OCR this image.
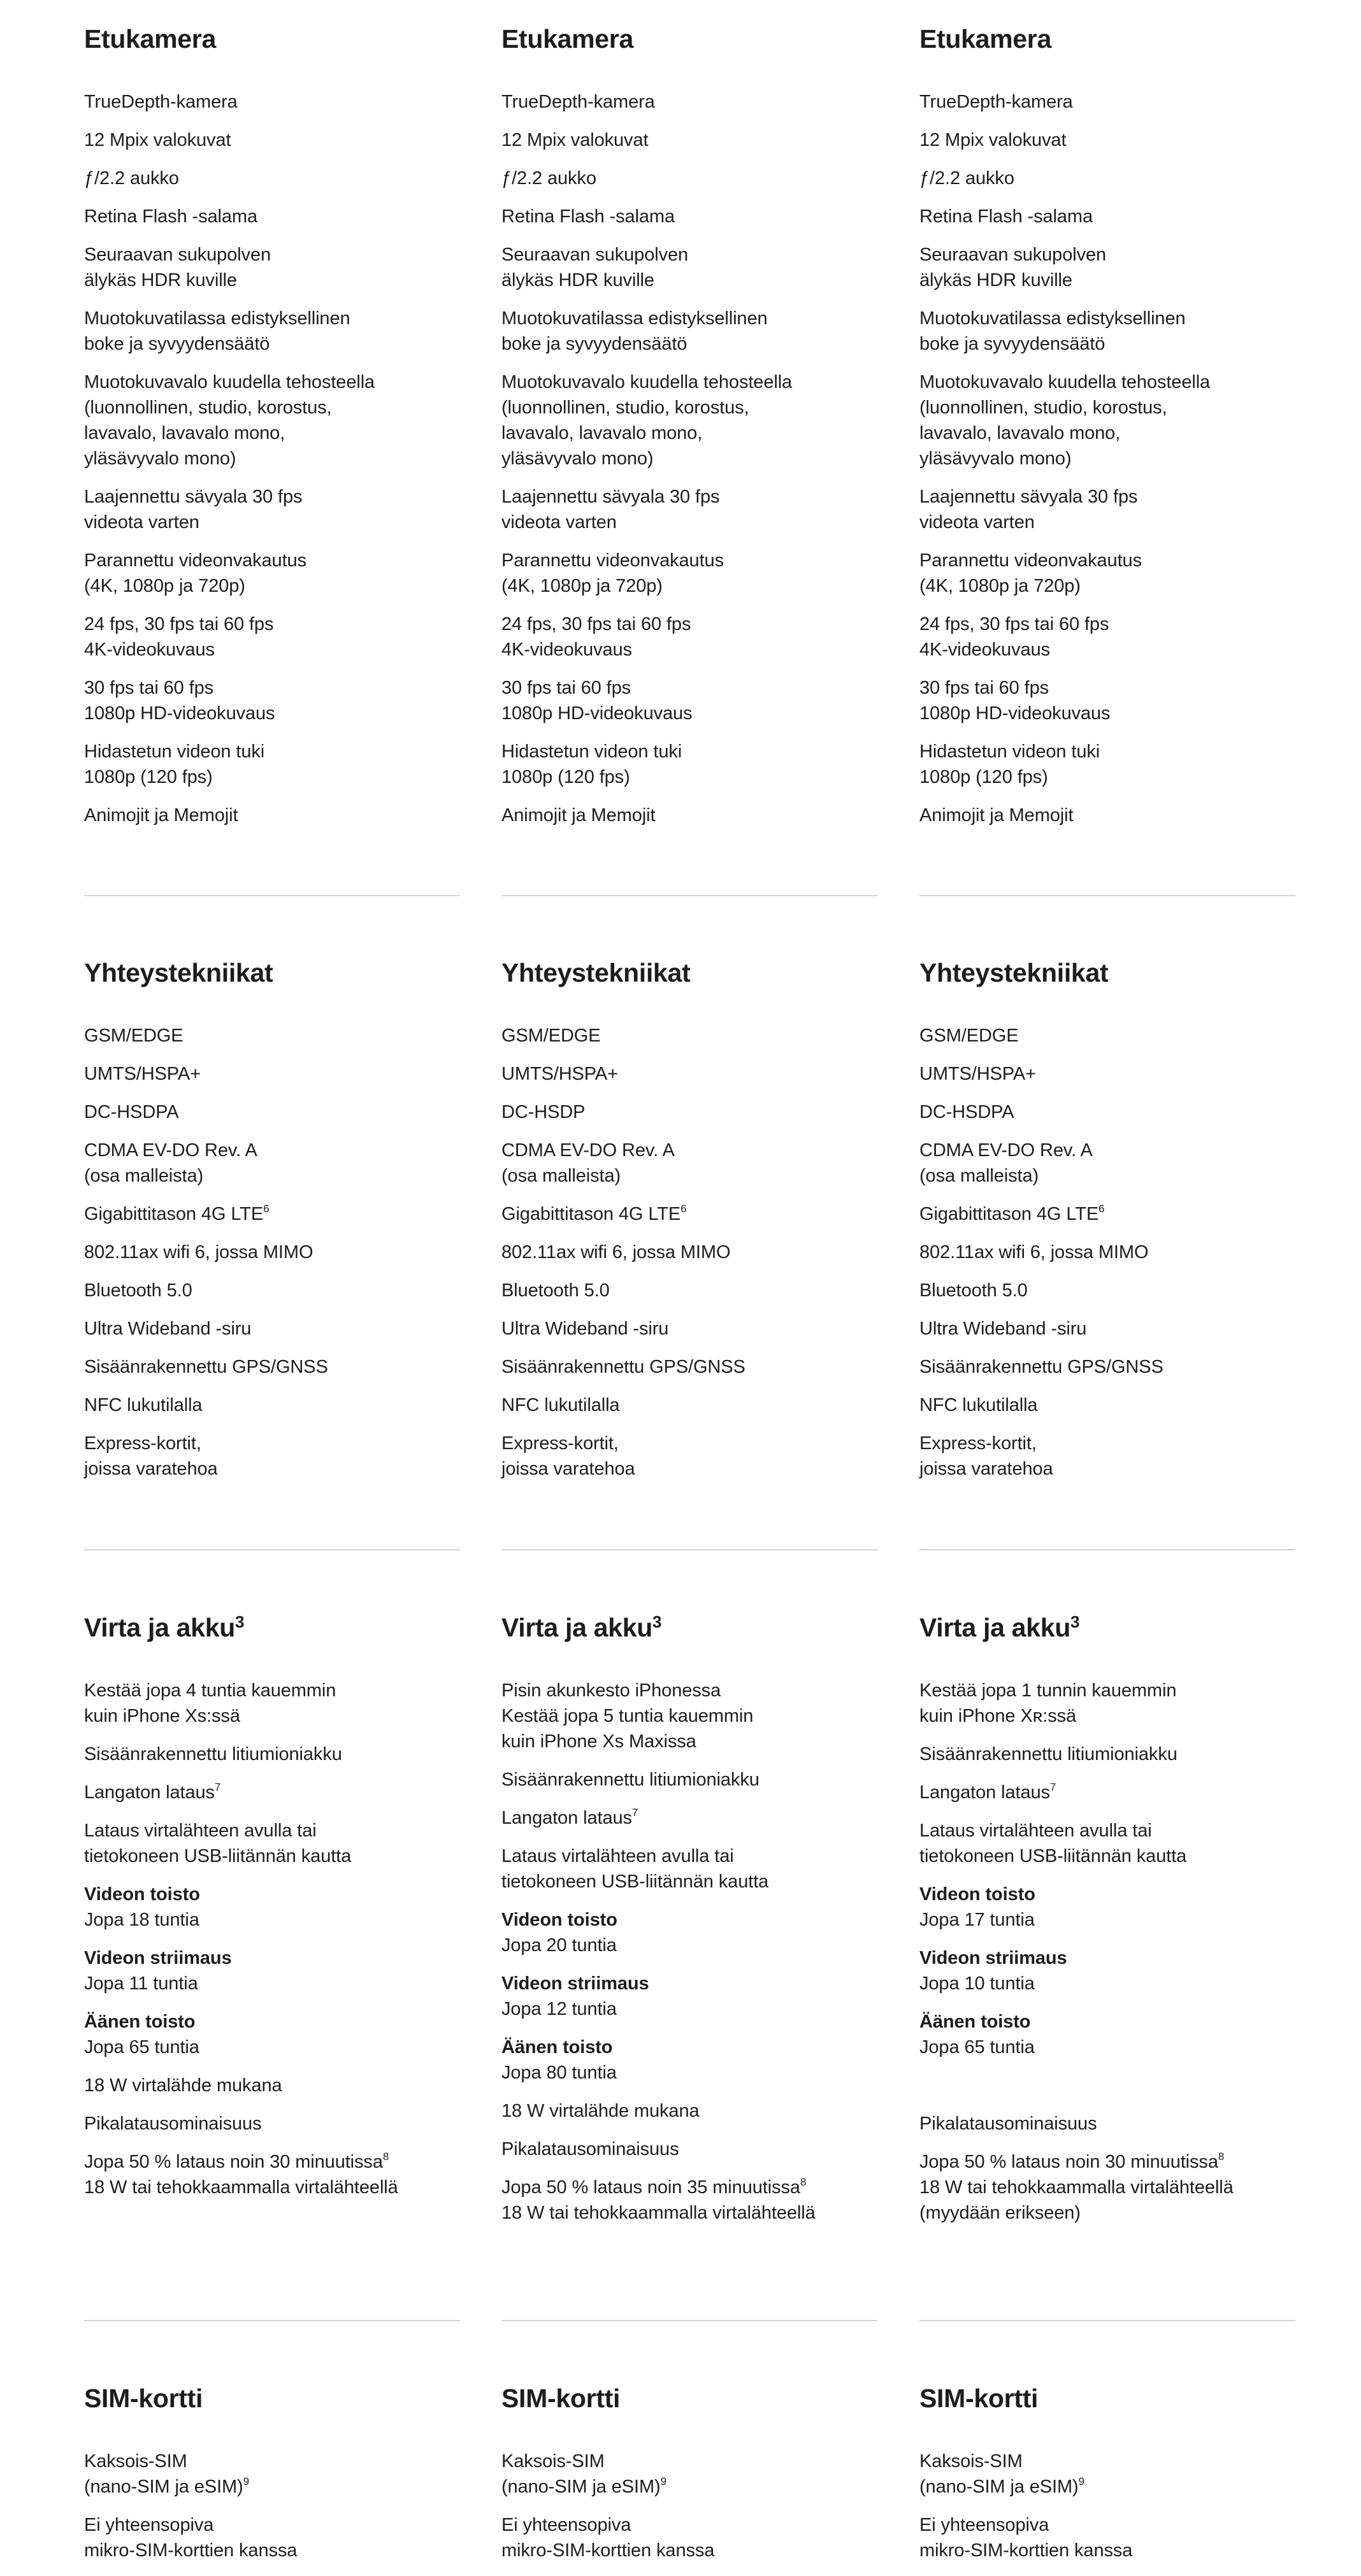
Etukamera
TrueDepth-kamera
12 Mpix valokuvat
ƒ/2.2 aukko
Retina Flash -salama
Seuraavan sukupolven
älykäs HDR kuville
Muotokuvatilassa edistyksellinen
boke ja syvyydensäätö
Muotokuvavalo kuudella tehosteella
(luonnollinen, studio, korostus,
lavavalo, lavavalo mono,
yläsävyvalo mono)
Laajennettu sävyala 30 fps
videota varten
Parannettu videonvakautus
(4K, 1080p ja 720p)
24 fps, 30 fps tai 60 fps
4K-videokuvaus
30 fps tai 60 fps
1080p HD-videokuvaus
Hidastetun videon tuki
1080p (120 fps)
Animojit ja Memojit
Etukamera
TrueDepth-kamera
12 Mpix valokuvat
ƒ/2.2 aukko
Retina Flash -salama
Seuraavan sukupolven
älykäs HDR kuville
Muotokuvatilassa edistyksellinen
boke ja syvyydensäätö
Muotokuvavalo kuudella tehosteella
(luonnollinen, studio, korostus,
lavavalo, lavavalo mono,
yläsävyvalo mono)
Laajennettu sävyala 30 fps
videota varten
Parannettu videonvakautus
(4K, 1080p ja 720p)
24 fps, 30 fps tai 60 fps
4K-videokuvaus
30 fps tai 60 fps
1080p HD-videokuvaus
Hidastetun videon tuki
1080p (120 fps)
Animojit ja Memojit
Etukamera
TrueDepth-kamera
12 Mpix valokuvat
ƒ/2.2 aukko
Retina Flash -salama
Seuraavan sukupolven
älykäs HDR kuville
Muotokuvatilassa edistyksellinen
boke ja syvyydensäätö
Muotokuvavalo kuudella tehosteella
(luonnollinen, studio, korostus,
lavavalo, lavavalo mono,
yläsävyvalo mono)
Laajennettu sävyala 30 fps
videota varten
Parannettu videonvakautus
(4K, 1080p ja 720p)
24 fps, 30 fps tai 60 fps
4K-videokuvaus
30 fps tai 60 fps
1080p HD-videokuvaus
Hidastetun videon tuki
1080p (120 fps)
Animojit ja Memojit
Yhteystekniikat
GSM/EDGE
UMTS/HSPA+
DC-HSDPA
CDMA EV-DO Rev. A
(osa malleista)
Gigabittitason 4G LTE$^6$
802.11ax wifi 6, jossa MIMO
Bluetooth 5.0
Ultra Wideband -siru
Sisäänrakennettu GPS/GNSS
NFC lukutilalla
Express-kortit,
joissa varatehoa
Yhteystekniikat
GSM/EDGE
UMTS/HSPA+
DC-HSDP
CDMA EV-DO Rev. A
(osa malleista)
Gigabittitason 4G LTE$^6$
802.11ax wifi 6, jossa MIMO
Bluetooth 5.0
Ultra Wideband -siru
Sisäänrakennettu GPS/GNSS
NFC lukutilalla
Express-kortit,
joissa varatehoa
Yhteystekniikat
GSM/EDGE
UMTS/HSPA+
DC-HSDPA
CDMA EV-DO Rev. A
(osa malleista)
Gigabittitason 4G LTE$^6$
802.11ax wifi 6, jossa MIMO
Bluetooth 5.0
Ultra Wideband -siru
Sisäänrakennettu GPS/GNSS
NFC lukutilalla
Express-kortit,
joissa varatehoa
Virta ja akku$^3$
Kestää jopa 4 tuntia kauemmin
kuin iPhone Xs:ssä
Sisäänrakennettu litiumioniakku
Langaton lataus$^7$
Lataus virtalähteen avulla tai
tietokoneen USB-liitännän kautta
Videon toisto
Jopa 18 tuntia
Videon striimaus
Jopa 11 tuntia
Äänen toisto
Jopa 65 tuntia
18 W virtalähde mukana
Pikalatausominaisuus
Jopa 50 % lataus noin 30 minuutissa$^8$
18 W tai tehokkaammalla virtalähteellä
Virta ja akku$^3$
Pisin akunkesto iPhonessa
Kestää jopa 5 tuntia kauemmin
kuin iPhone Xs Maxissa
Sisäänrakennettu litiumioniakku
Langaton lataus$^7$
Lataus virtalähteen avulla tai
tietokoneen USB-liitännän kautta
Videon toisto
Jopa 20 tuntia
Videon striimaus
Jopa 12 tuntia
Äänen toisto
Jopa 80 tuntia
18 W virtalähde mukana
Pikalatausominaisuus
Jopa 50 % lataus noin 35 minuutissa$^8$
18 W tai tehokkaammalla virtalähteellä
Virta ja akku$^3$
Kestää jopa 1 tunnin kauemmin
kuin iPhone Xʀ:ssä
Sisäänrakennettu litiumioniakku
Langaton lataus$^7$
Lataus virtalähteen avulla tai
tietokoneen USB-liitännän kautta
Videon toisto
Jopa 17 tuntia
Videon striimaus
Jopa 10 tuntia
Äänen toisto
Jopa 65 tuntia
Pikalatausominaisuus
Jopa 50 % lataus noin 30 minuutissa$^8$
18 W tai tehokkaammalla virtalähteellä
(myydään erikseen)
SIM-kortti
Kaksois-SIM
(nano-SIM ja eSIM)$^9$
Ei yhteensopiva
mikro-SIM-korttien kanssa
SIM-kortti
Kaksois-SIM
(nano-SIM ja eSIM)$^9$
Ei yhteensopiva
mikro-SIM-korttien kanssa
SIM-kortti
Kaksois-SIM
(nano-SIM ja eSIM)$^9$
Ei yhteensopiva
mikro-SIM-korttien kanssa
